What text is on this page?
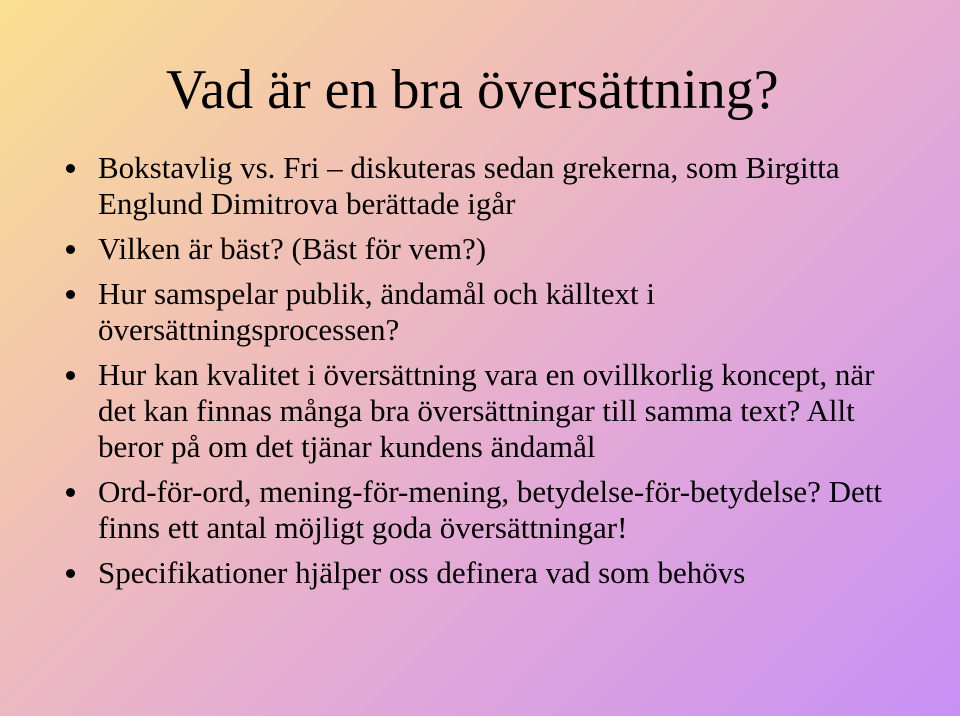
Vad är en bra översättning?
Bokstavlig vs. Fri – diskuteras sedan grekerna, som Birgitta Englund Dimitrova berättade igår
Vilken är bäst? (Bäst för vem?)
Hur samspelar publik, ändamål och källtext i översättningsprocessen?
Hur kan kvalitet i översättning vara en ovillkorlig koncept, när det kan finnas många bra översättningar till samma text? Allt beror på om det tjänar kundens ändamål
Ord-för-ord, mening-för-mening, betydelse-för-betydelse? Dett finns ett antal möjligt goda översättningar!
Specifikationer hjälper oss definera vad som behövs
